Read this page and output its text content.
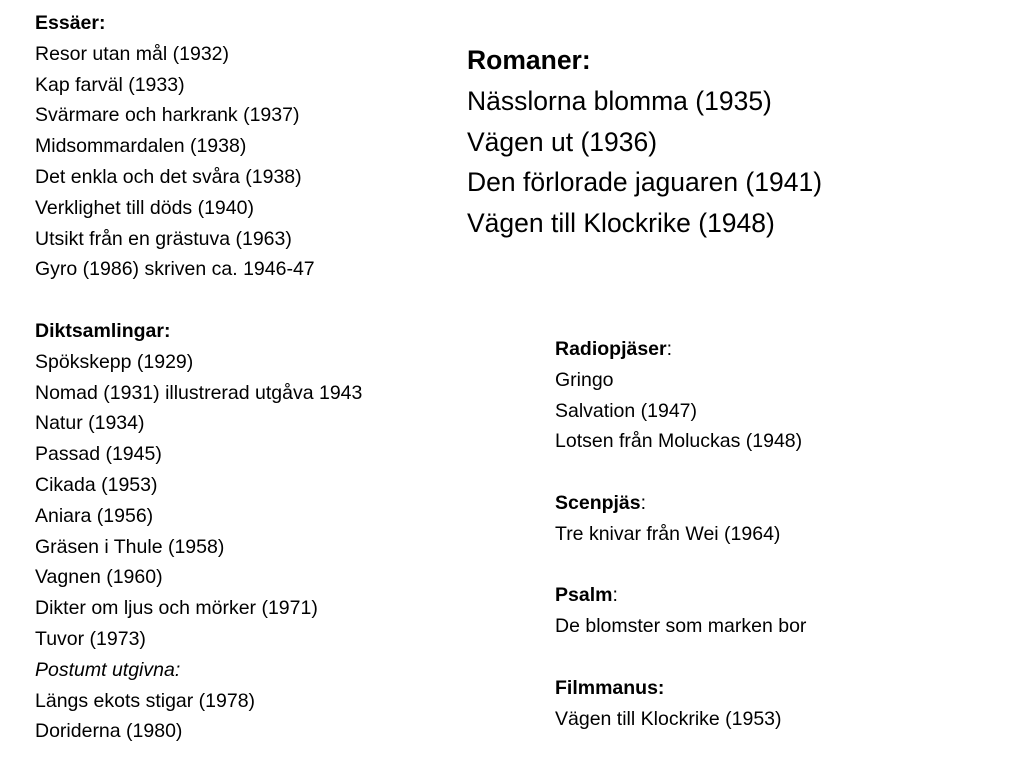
Essäer:
Resor utan mål (1932)
Kap farväl (1933)
Svärmare och harkrank (1937)
Midsommardalen (1938)
Det enkla och det svåra (1938)
Verklighet till döds (1940)
Utsikt från en grästuva (1963)
Gyro (1986) skriven ca. 1946-47
Diktsamlingar:
Spökskepp (1929)
Nomad (1931) illustrerad utgåva 1943
Natur (1934)
Passad (1945)
Cikada (1953)
Aniara (1956)
Gräsen i Thule (1958)
Vagnen (1960)
Dikter om ljus och mörker (1971)
Tuvor (1973)
Postumt utgivna:
Längs ekots stigar (1978)
Doriderna (1980)
Romaner:
Nässlorna blomma (1935)
Vägen ut (1936)
Den förlorade jaguaren (1941)
Vägen till Klockrike (1948)
Radiopjäser:
Gringo
Salvation (1947)
Lotsen från Moluckas (1948)
Scenpjäs:
Tre knivar från Wei (1964)
Psalm:
De blomster som marken bor
Filmmanus:
Vägen till Klockrike (1953)
